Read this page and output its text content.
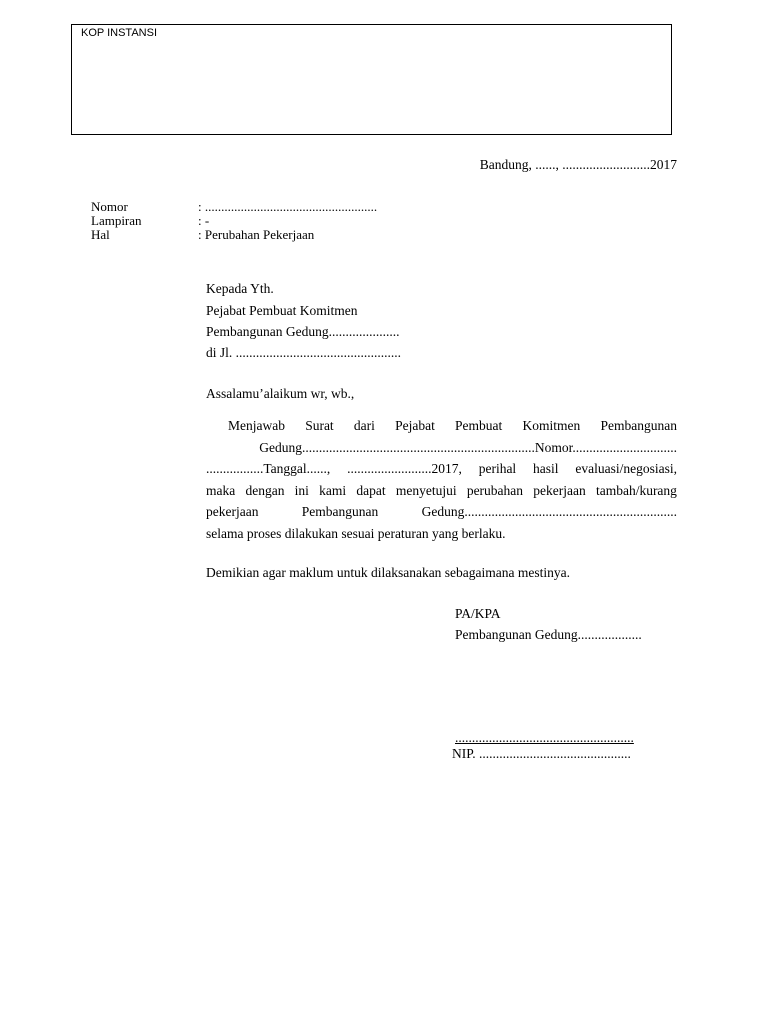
KOP INSTANSI
Bandung, ......, ..........................2017
Nomor	: .....................................................
Lampiran	: -
Hal	: Perubahan Pekerjaan
Kepada Yth.
Pejabat Pembuat Komitmen
Pembangunan Gedung.....................
di Jl. .................................................
Assalamu’alaikum wr, wb.,
Menjawab Surat dari Pejabat Pembuat Komitmen Pembangunan
Gedung.....................................................................Nomor...............................
.................Tanggal......, .........................2017, perihal hasil evaluasi/negosiasi,
maka dengan ini kami dapat menyetujui perubahan pekerjaan tambah/kurang
pekerjaan	Pembangunan	Gedung...............................................................
selama proses dilakukan sesuai peraturan yang berlaku.
Demikian agar maklum untuk dilaksanakan sebagaimana mestinya.
PA/KPA
Pembangunan Gedung...................
.....................................................
NIP. .............................................
